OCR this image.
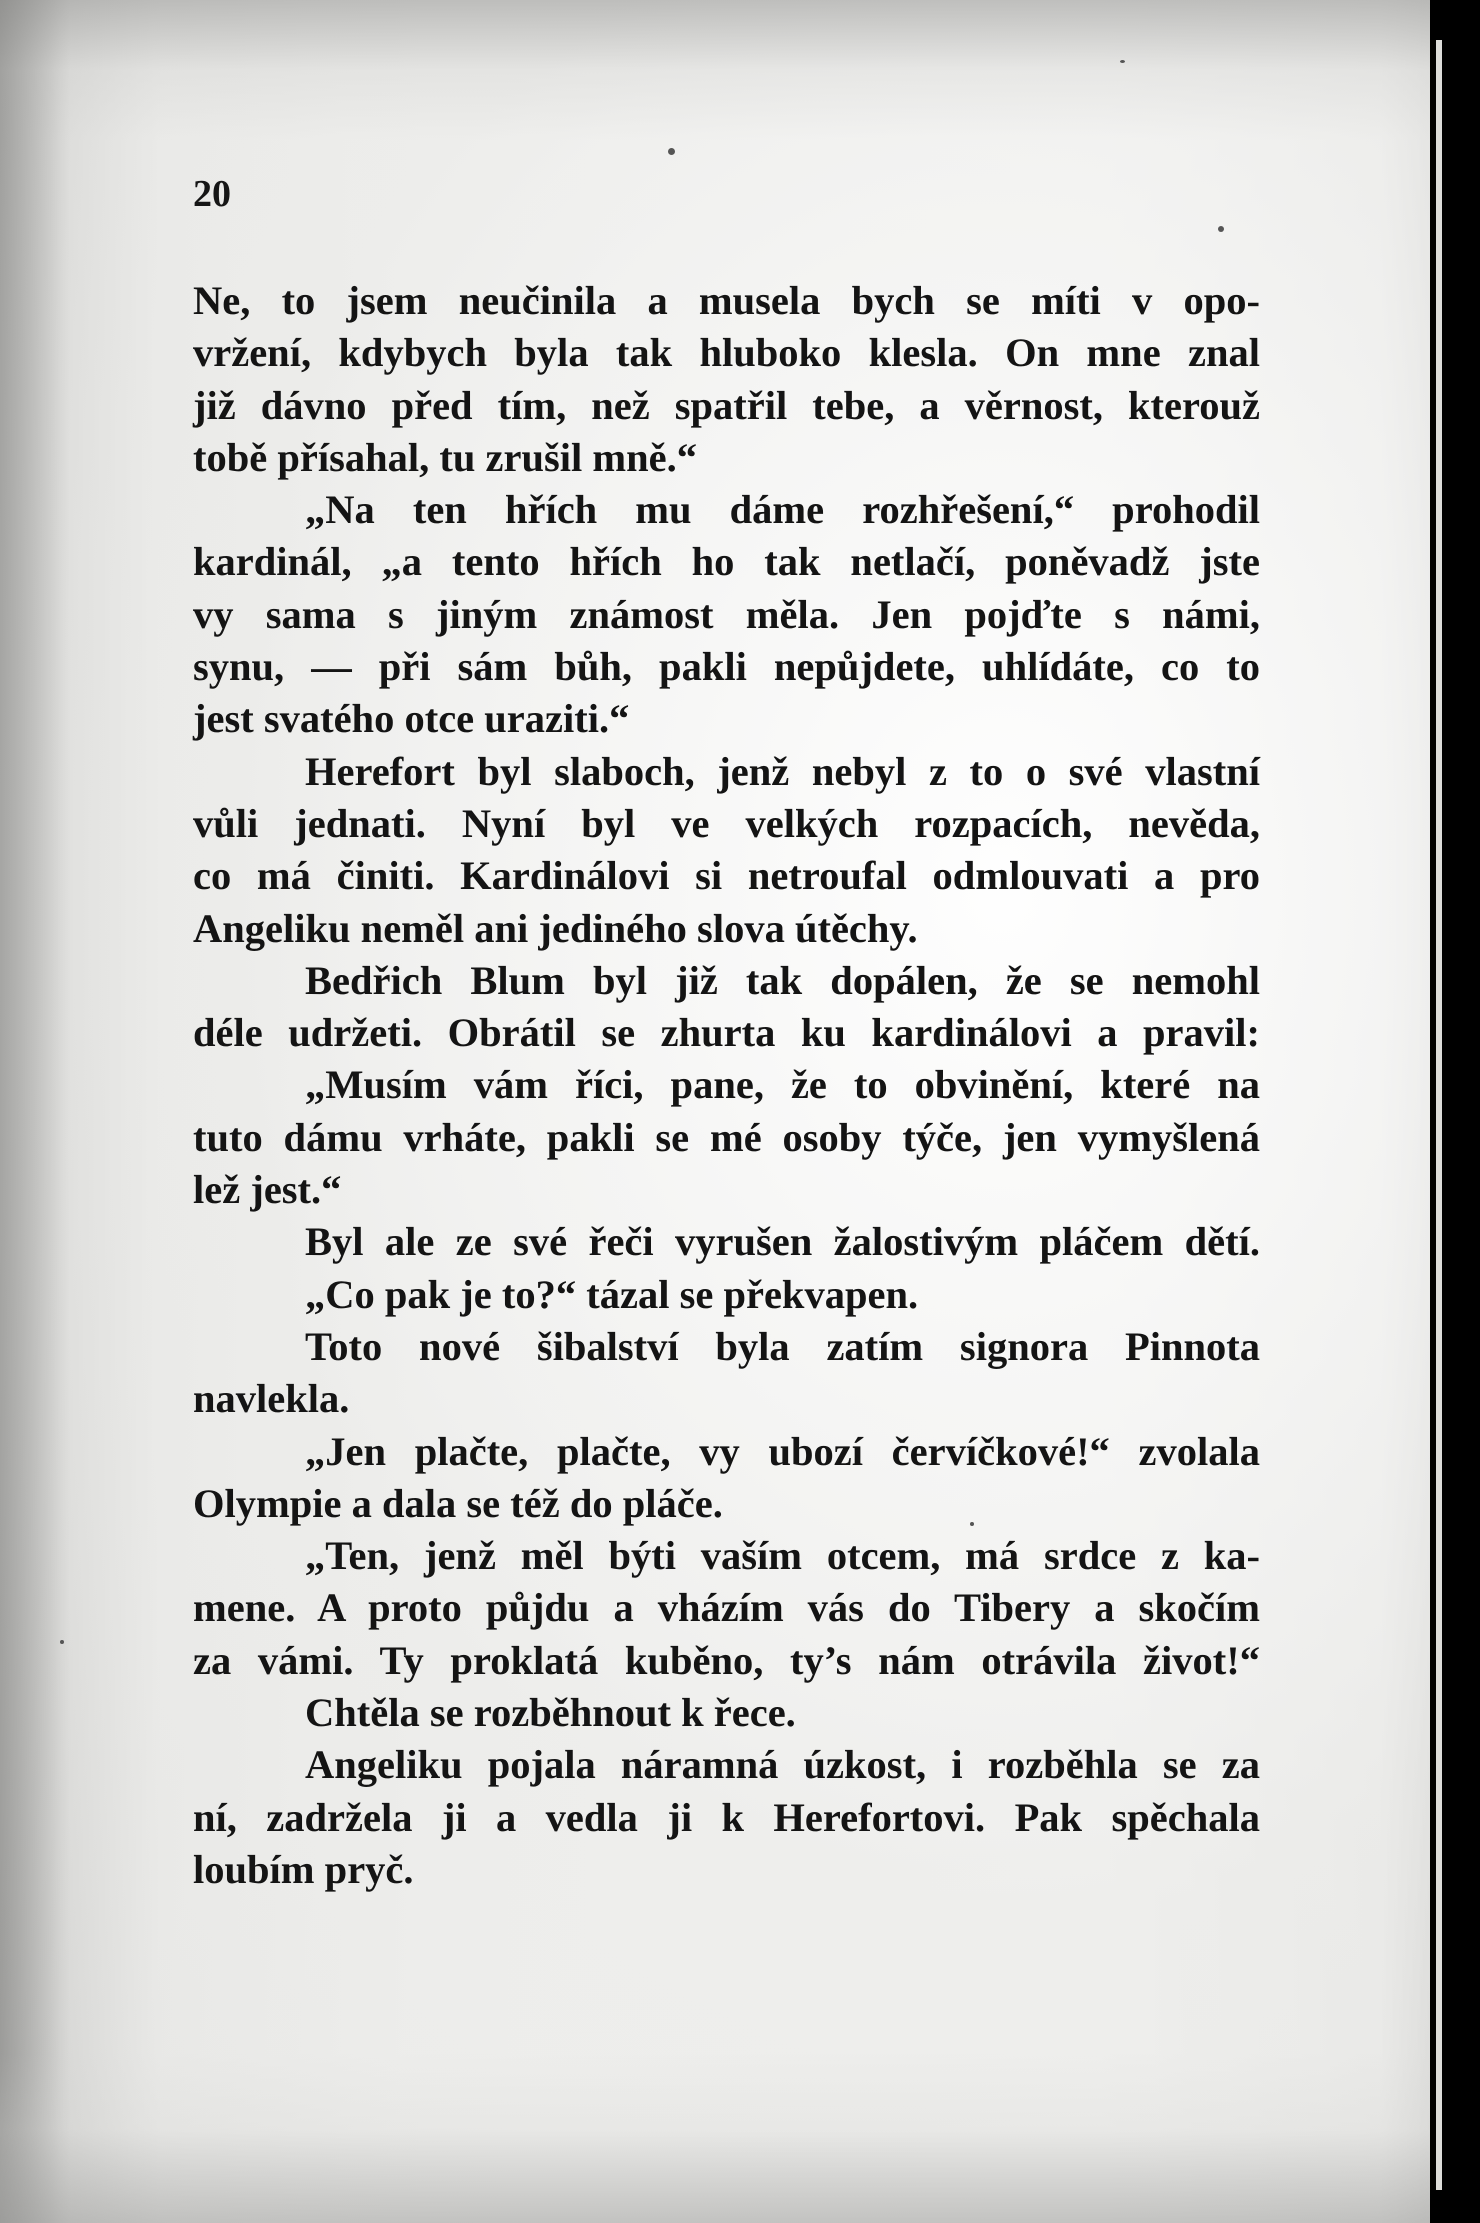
20
Ne, to jsem neučinila a musela bych se míti v opo-
vržení, kdybych byla tak hluboko klesla. On mne znal
již dávno před tím, než spatřil tebe, a věrnost, kterouž
tobě přísahal, tu zrušil mně.“
„Na ten hřích mu dáme rozhřešení,“ prohodil
kardinál, „a tento hřích ho tak netlačí, poněvadž jste
vy sama s jiným známost měla. Jen pojďte s námi,
synu, — při sám bůh, pakli nepůjdete, uhlídáte, co to
jest svatého otce uraziti.“
Herefort byl slaboch, jenž nebyl z to o své vlastní
vůli jednati. Nyní byl ve velkých rozpacích, nevěda,
co má činiti. Kardinálovi si netroufal odmlouvati a pro
Angeliku neměl ani jediného slova útěchy.
Bedřich Blum byl již tak dopálen, že se nemohl
déle udržeti. Obrátil se zhurta ku kardinálovi a pravil:
„Musím vám říci, pane, že to obvinění, které na
tuto dámu vrháte, pakli se mé osoby týče, jen vymyšlená
lež jest.“
Byl ale ze své řeči vyrušen žalostivým pláčem dětí.
„Co pak je to?“ tázal se překvapen.
Toto nové šibalství byla zatím signora Pinnota
navlekla.
„Jen plačte, plačte, vy ubozí červíčkové!“ zvolala
Olympie a dala se též do pláče.
„Ten, jenž měl býti vaším otcem, má srdce z ka-
mene. A proto půjdu a vházím vás do Tibery a skočím
za vámi. Ty proklatá kuběno, ty’s nám otrávila život!“
Chtěla se rozběhnout k řece.
Angeliku pojala náramná úzkost, i rozběhla se za
ní, zadržela ji a vedla ji k Herefortovi. Pak spěchala
loubím pryč.
